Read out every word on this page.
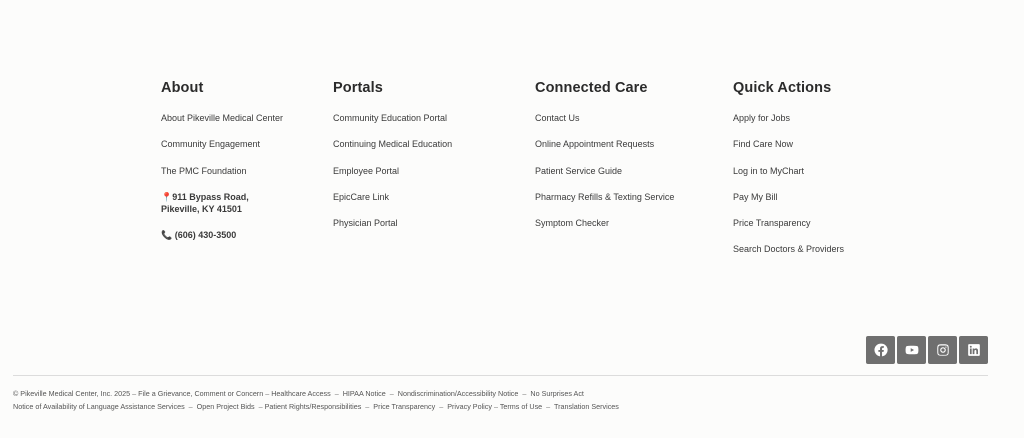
About
About Pikeville Medical Center
Community Engagement
The PMC Foundation
📍911 Bypass Road,
Pikeville, KY 41501
📞 (606) 430-3500
Portals
Community Education Portal
Continuing Medical Education
Employee Portal
EpicCare Link
Physician Portal
Connected Care
Contact Us
Online Appointment Requests
Patient Service Guide
Pharmacy Refills & Texting Service
Symptom Checker
Quick Actions
Apply for Jobs
Find Care Now
Log in to MyChart
Pay My Bill
Price Transparency
Search Doctors & Providers
© Pikeville Medical Center, Inc. 2025 – File a Grievance, Comment or Concern – Healthcare Access  –  HIPAA Notice  –  Nondiscrimination/Accessibility Notice  –  No Surprises Act
Notice of Availability of Language Assistance Services  –  Open Project Bids  – Patient Rights/Responsibilities  –  Price Transparency  –  Privacy Policy – Terms of Use  –  Translation Services
